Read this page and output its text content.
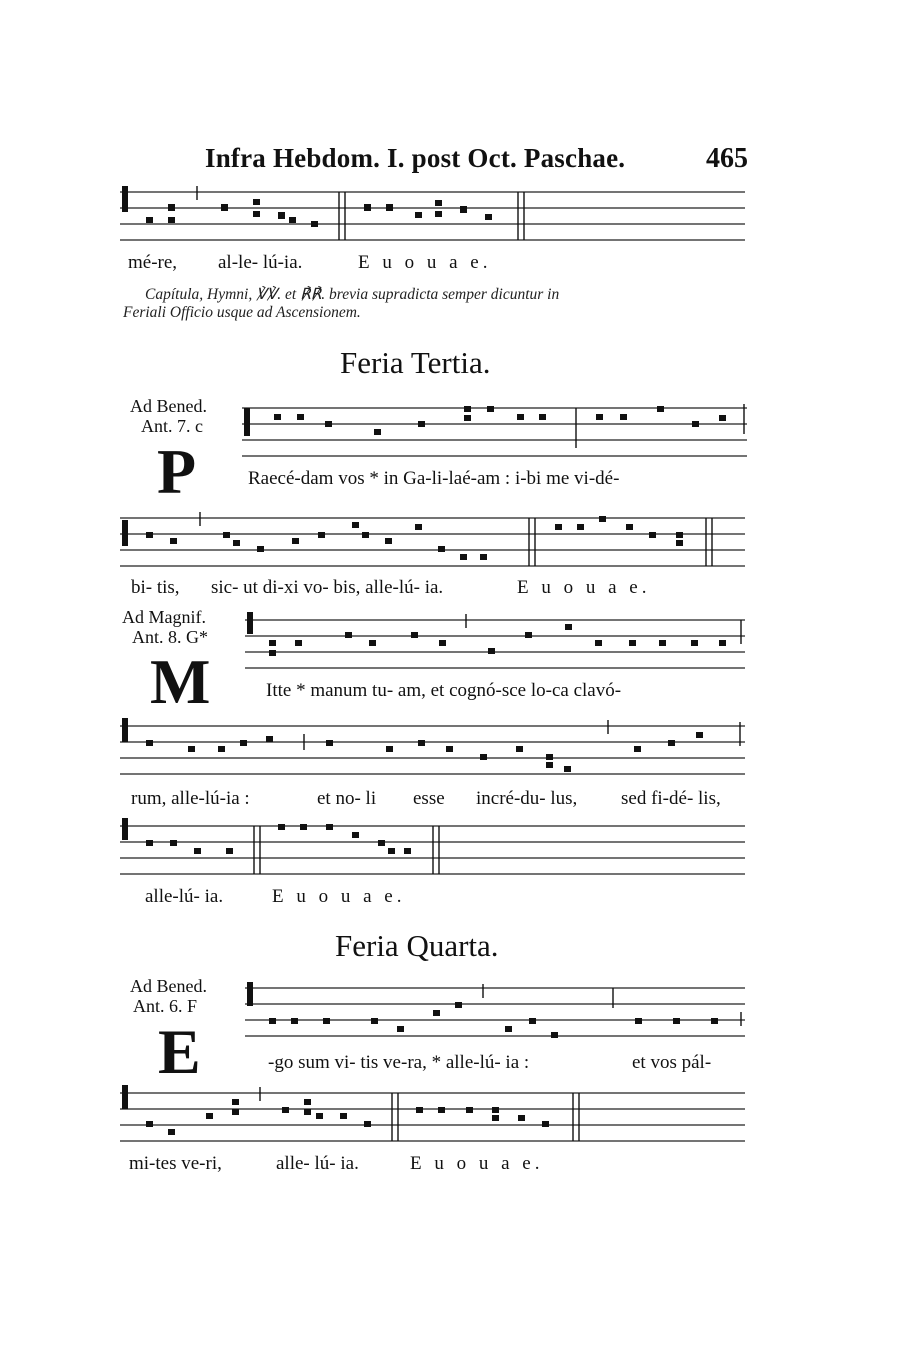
Infra Hebdom. I. post Oct. Paschae.	465
mé-re, al-le- lú-ia.	E u o u a e.
Capítula, Hymni, ℣℣. et ℟℟. brevia supradicta semper dicuntur in
Feriali Officio usque ad Ascensionem.
Feria Tertia.
Ad Bened.
Ant. 7. c
P	Raecé-dam vos * in Ga-li-laé-am : i-bi me vi-dé-
bi- tis, sic- ut di-xi vo- bis, alle-lú- ia.	E u o u a e.
Ad Magnif.
Ant. 8. G*
M	Itte * manum tu- am, et cognó-sce lo-ca clavó-
rum, alle-lú-ia :	et no- li esse incré-du- lus, sed fi-dé- lis,
alle-lú- ia.	E u o u a e.
Feria Quarta.
Ad Bened.
Ant. 6. F
E	-go sum vi- tis ve-ra, * alle-lú- ia :	et vos pál-
mi-tes ve-ri,	alle- lú- ia.	E u o u a e.
